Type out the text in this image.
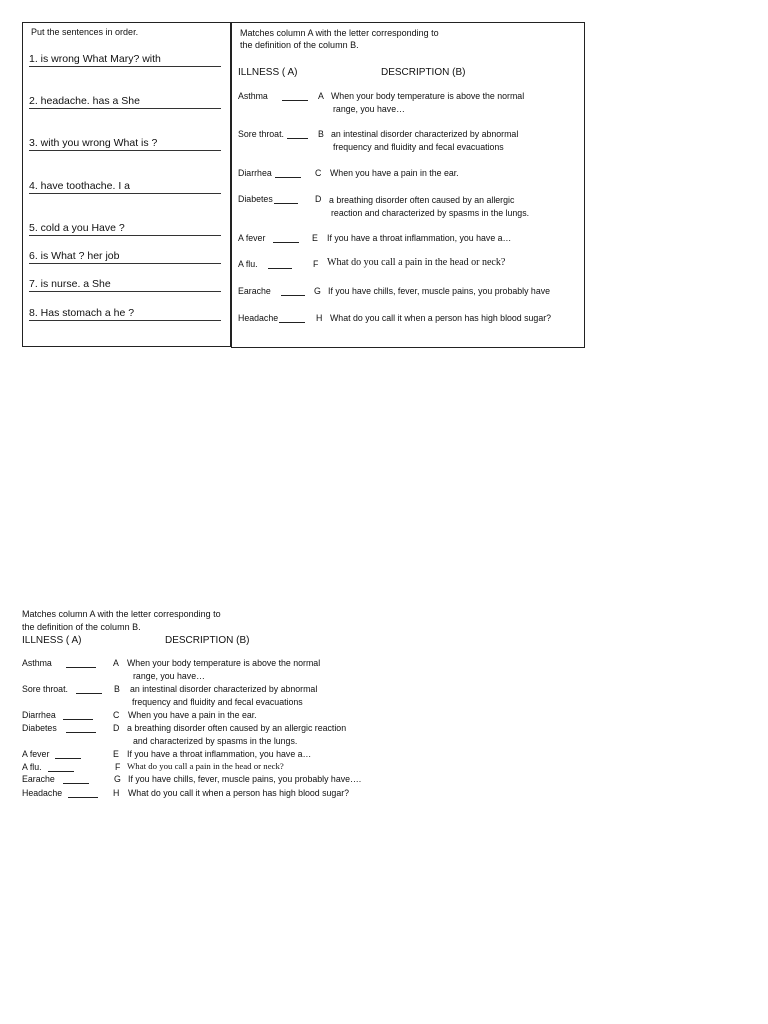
Put the sentences in order.
1. is wrong What Mary? with
2. headache. has a She
3. with you wrong What is ?
4. have toothache. I a
5. cold a you Have ?
6. is What ? her job
7. is nurse. a She
8. Has stomach a he ?
Matches column A with the letter corresponding to
the definition of the column B.
ILLNESS ( A)	DESCRIPTION (B)
Asthma	A When your body temperature is above the normal
range, you have…
Sore throat.	B an intestinal disorder characterized by abnormal
frequency and fluidity and fecal evacuations
Diarrhea	C When you have a pain in the ear.
Diabetes	D a breathing disorder often caused by an allergic
reaction and characterized by spasms in the lungs.
A fever	E If you have a throat inflammation, you have a…
A flu.	F What do you call a pain in the head or neck?
Earache	G If you have chills, fever, muscle pains, you probably have
Headache	H What do you call it when a person has high blood sugar?
Matches column A with the letter corresponding to
the definition of the column B.
ILLNESS ( A)	DESCRIPTION (B)
Asthma	A When your body temperature is above the normal
range, you have…
Sore throat.	B an intestinal disorder characterized by abnormal
frequency and fluidity and fecal evacuations
Diarrhea	C When you have a pain in the ear.
Diabetes	D a breathing disorder often caused by an allergic reaction
and characterized by spasms in the lungs.
A fever	E If you have a throat inflammation, you have a…
A flu.	F What do you call a pain in the head or neck?
Earache	G If you have chills, fever, muscle pains, you probably have….
Headache	H What do you call it when a person has high blood sugar?
